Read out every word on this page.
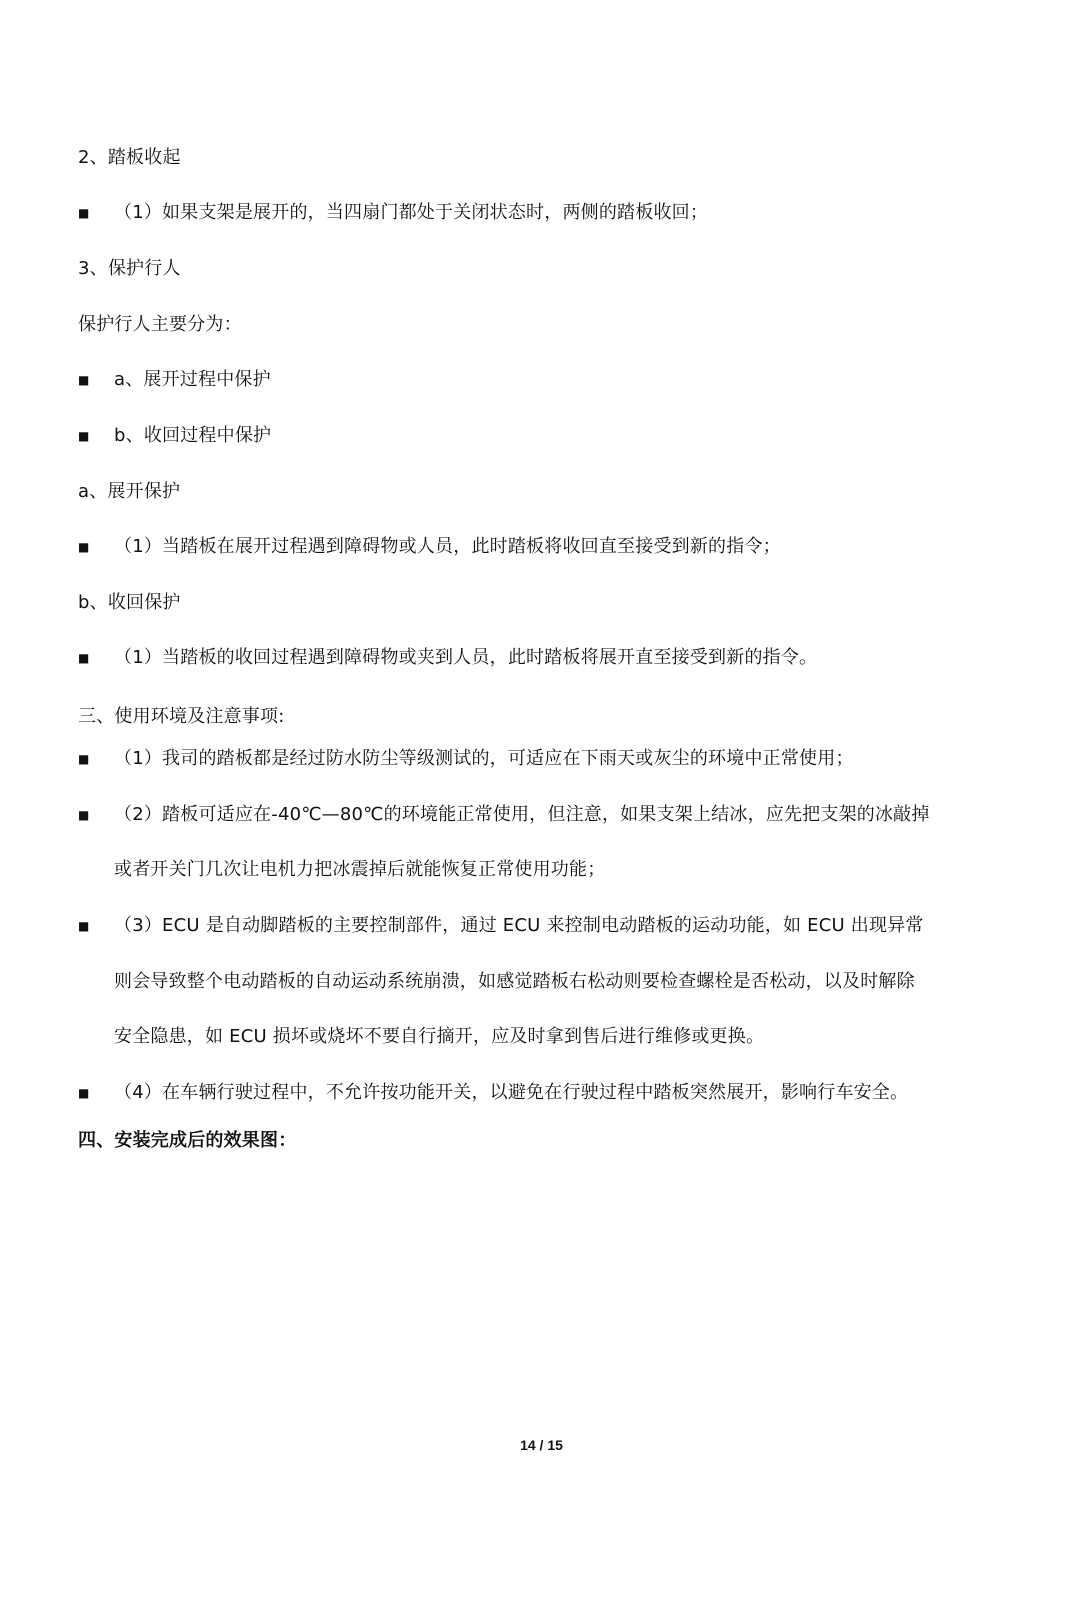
2、踏板收起
■ （1）如果支架是展开的，当四扇门都处于关闭状态时，两侧的踏板收回；
3、保护行人
保护行人主要分为：
■ a、展开过程中保护
■ b、收回过程中保护
a、展开保护
■ （1）当踏板在展开过程遇到障碍物或人员，此时踏板将收回直至接受到新的指令；
b、收回保护
■ （1）当踏板的收回过程遇到障碍物或夹到人员，此时踏板将展开直至接受到新的指令。
三、使用环境及注意事项:
■ （1）我司的踏板都是经过防水防尘等级测试的，可适应在下雨天或灰尘的环境中正常使用；
■ （2）踏板可适应在-40℃—80℃的环境能正常使用，但注意，如果支架上结冰，应先把支架的冰敲掉
或者开关门几次让电机力把冰震掉后就能恢复正常使用功能；
■ （3）ECU 是自动脚踏板的主要控制部件，通过 ECU 来控制电动踏板的运动功能，如 ECU 出现异常
则会导致整个电动踏板的自动运动系统崩溃，如感觉踏板右松动则要检查螺栓是否松动，以及时解除
安全隐患，如 ECU 损坏或烧坏不要自行摘开，应及时拿到售后进行维修或更换。
■ （4）在车辆行驶过程中，不允许按功能开关，以避免在行驶过程中踏板突然展开，影响行车安全。
四、安装完成后的效果图：
14 / 15
